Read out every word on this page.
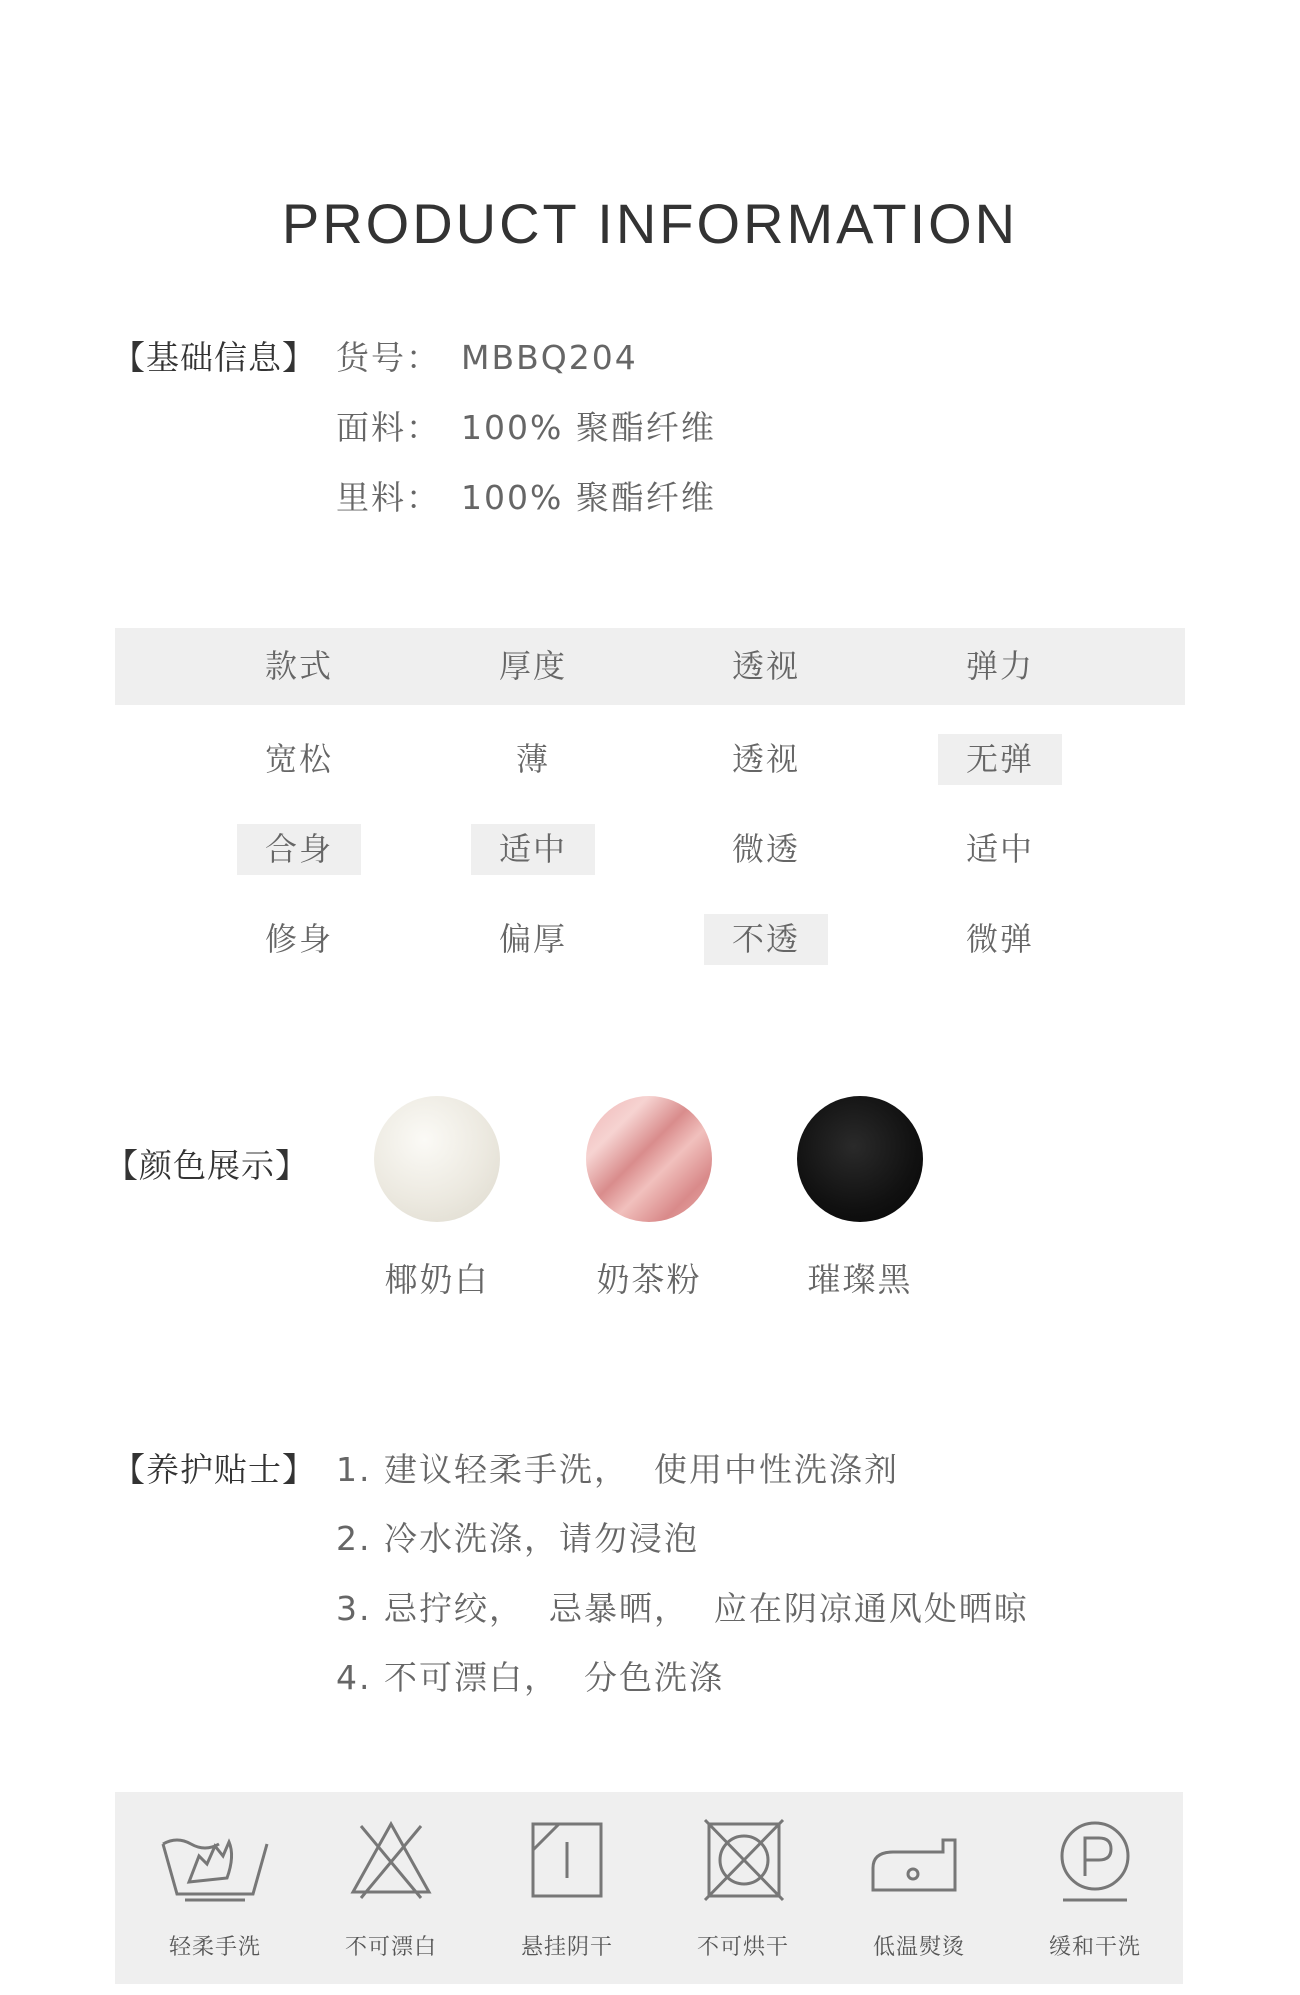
PRODUCT INFORMATION
【基础信息】 货号： MBBQ204
面料： 100% 聚酯纤维
里料： 100% 聚酯纤维
款式	厚度	透视	弹力
宽松	薄	透视	无弹
合身	适中	微透	适中
修身	偏厚	不透	微弹
【颜色展示】
椰奶白	奶茶粉	璀璨黑
【养护贴士】 1. 建议轻柔手洗，  使用中性洗涤剂
2. 冷水洗涤，请勿浸泡
3. 忌拧绞，  忌暴晒，  应在阴凉通风处晒晾
4. 不可漂白，  分色洗涤
轻柔手洗	不可漂白	悬挂阴干	不可烘干	低温熨烫	缓和干洗
